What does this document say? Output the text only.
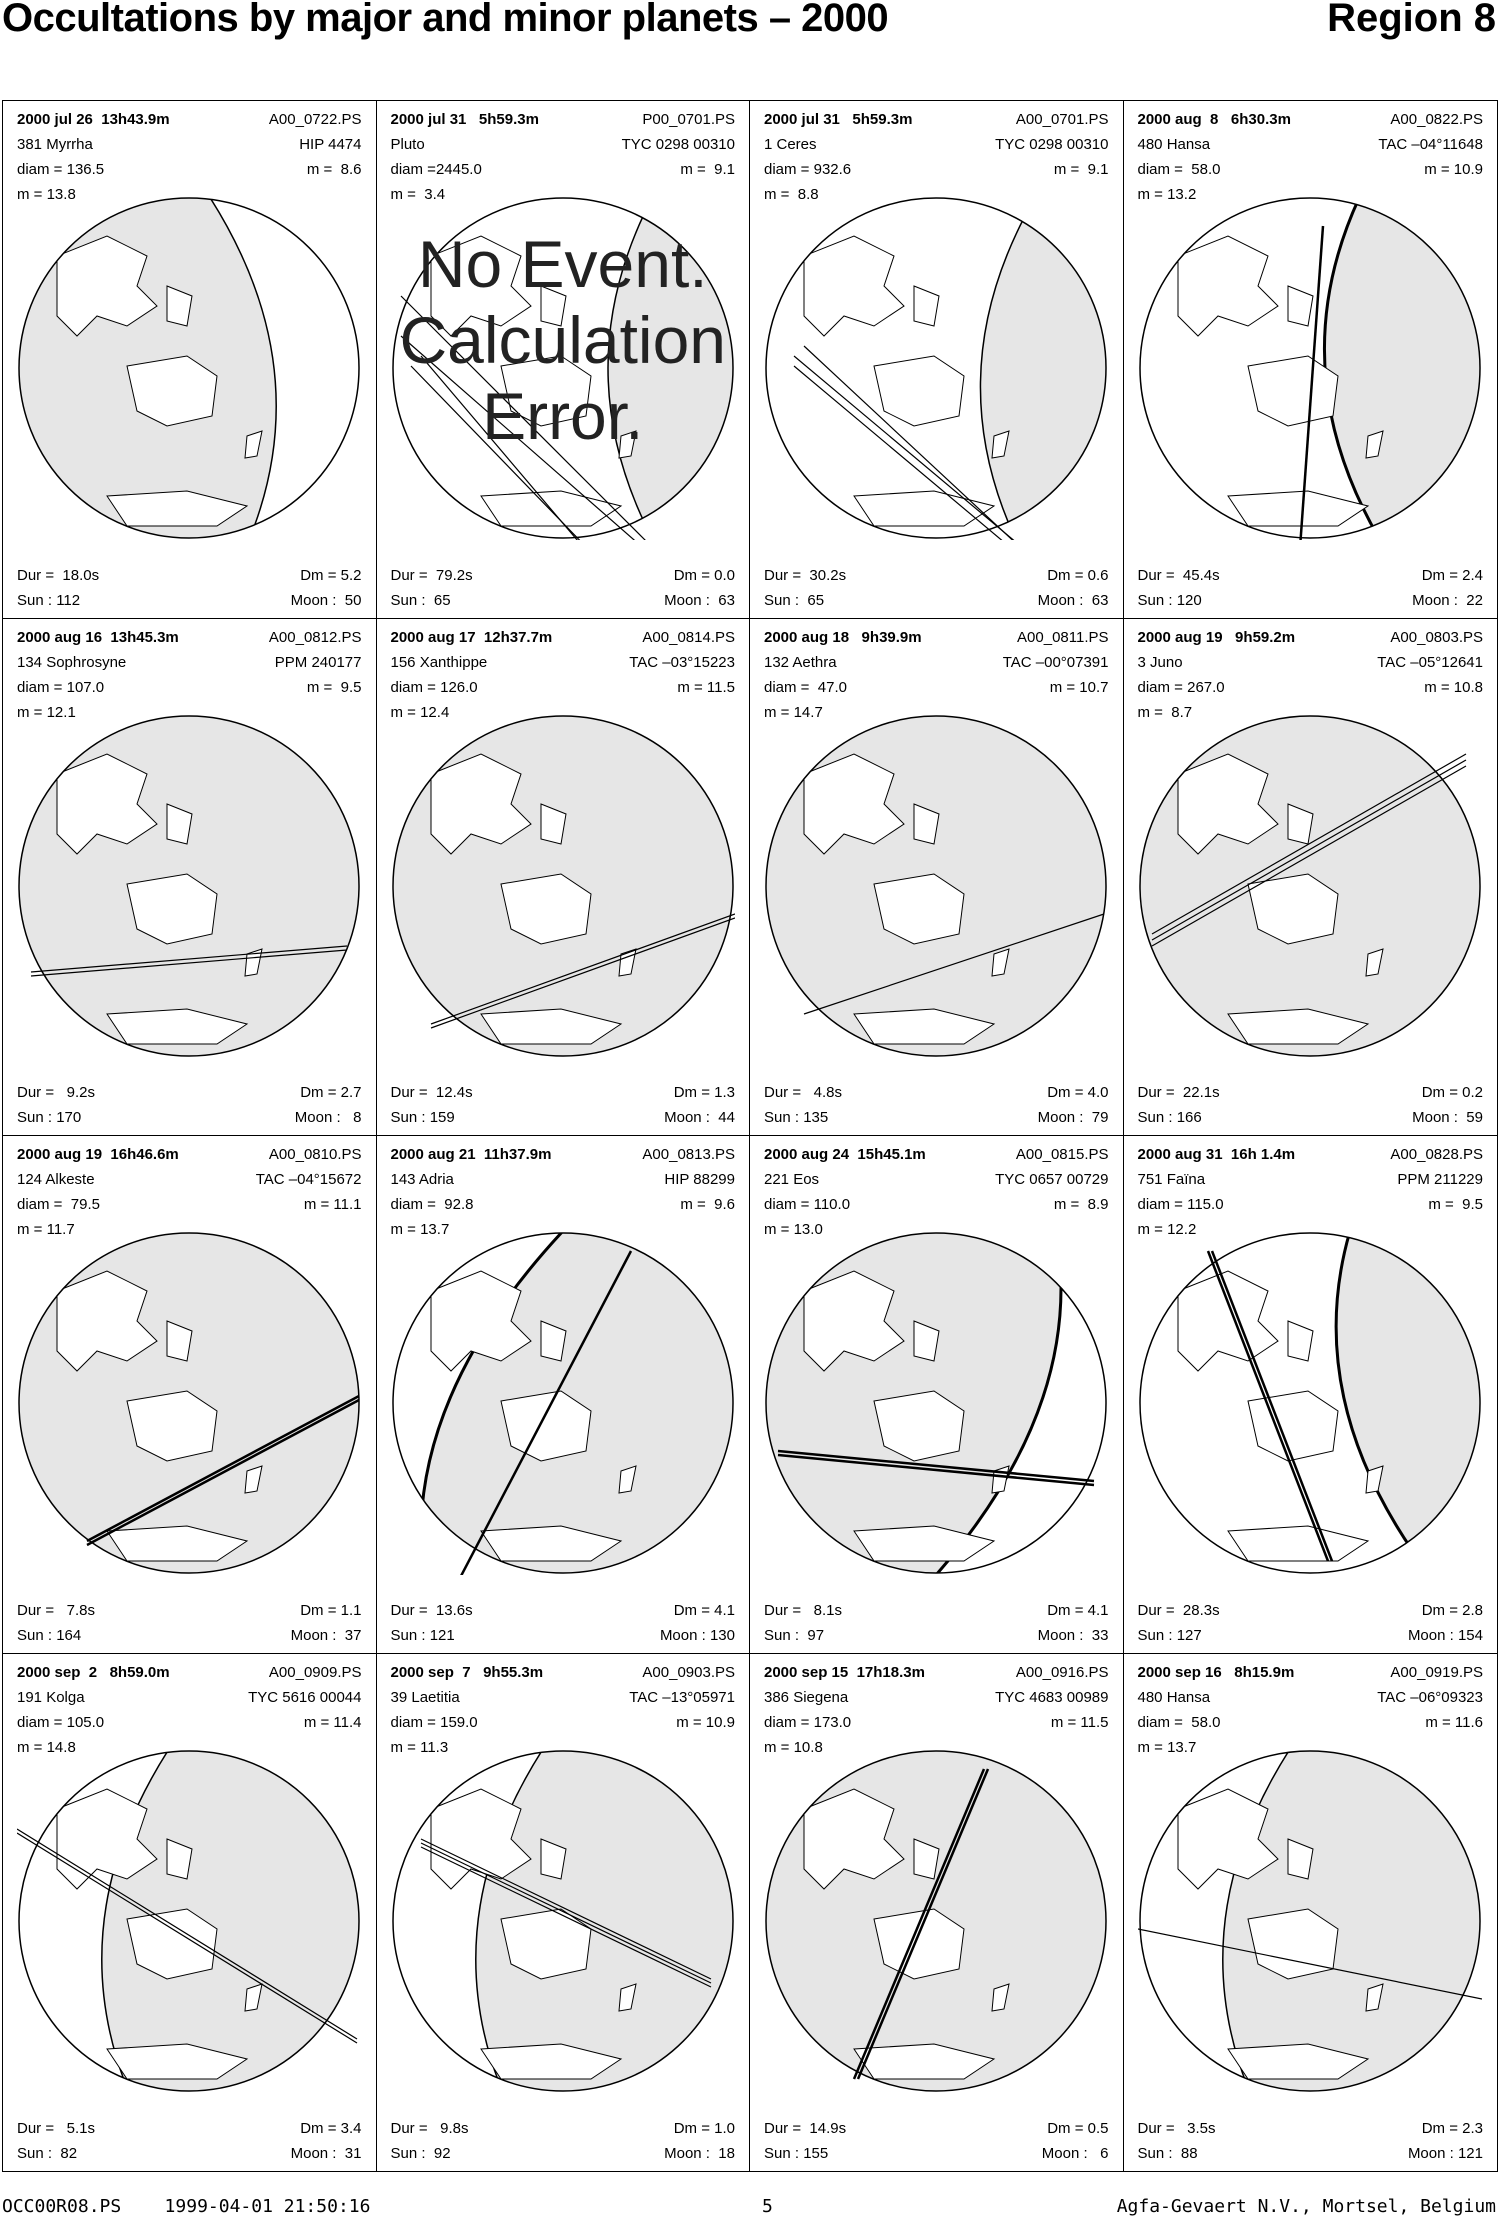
Occultations by major and minor planets – 2000	Region 8
2000 jul 26  13h43.9m	A00_0722.PS
381 Myrrha	HIP 4474
diam = 136.5	m =  8.6
m = 13.8
Dur =  18.0s	Dm = 5.2
Sun : 112	Moon :  50
2000 jul 31   5h59.3m	P00_0701.PS
Pluto	TYC 0298 00310
diam =2445.0	m =  9.1
m =  3.4
Dur =  79.2s	Dm = 0.0
Sun :  65	Moon :  63
No Event.
Calculation
Error.
2000 jul 31   5h59.3m	A00_0701.PS
1 Ceres	TYC 0298 00310
diam = 932.6	m =  9.1
m =  8.8
Dur =  30.2s	Dm = 0.6
Sun :  65	Moon :  63
2000 aug  8   6h30.3m	A00_0822.PS
480 Hansa	TAC –04°11648
diam =  58.0	m = 10.9
m = 13.2
Dur =  45.4s	Dm = 2.4
Sun : 120	Moon :  22
2000 aug 16  13h45.3m	A00_0812.PS
134 Sophrosyne	PPM 240177
diam = 107.0	m =  9.5
m = 12.1
Dur =   9.2s	Dm = 2.7
Sun : 170	Moon :   8
2000 aug 17  12h37.7m	A00_0814.PS
156 Xanthippe	TAC –03°15223
diam = 126.0	m = 11.5
m = 12.4
Dur =  12.4s	Dm = 1.3
Sun : 159	Moon :  44
2000 aug 18   9h39.9m	A00_0811.PS
132 Aethra	TAC –00°07391
diam =  47.0	m = 10.7
m = 14.7
Dur =   4.8s	Dm = 4.0
Sun : 135	Moon :  79
2000 aug 19   9h59.2m	A00_0803.PS
3 Juno	TAC –05°12641
diam = 267.0	m = 10.8
m =  8.7
Dur =  22.1s	Dm = 0.2
Sun : 166	Moon :  59
2000 aug 19  16h46.6m	A00_0810.PS
124 Alkeste	TAC –04°15672
diam =  79.5	m = 11.1
m = 11.7
Dur =   7.8s	Dm = 1.1
Sun : 164	Moon :  37
2000 aug 21  11h37.9m	A00_0813.PS
143 Adria	HIP 88299
diam =  92.8	m =  9.6
m = 13.7
Dur =  13.6s	Dm = 4.1
Sun : 121	Moon : 130
2000 aug 24  15h45.1m	A00_0815.PS
221 Eos	TYC 0657 00729
diam = 110.0	m =  8.9
m = 13.0
Dur =   8.1s	Dm = 4.1
Sun :  97	Moon :  33
2000 aug 31  16h 1.4m	A00_0828.PS
751 Faïna	PPM 211229
diam = 115.0	m =  9.5
m = 12.2
Dur =  28.3s	Dm = 2.8
Sun : 127	Moon : 154
2000 sep  2   8h59.0m	A00_0909.PS
191 Kolga	TYC 5616 00044
diam = 105.0	m = 11.4
m = 14.8
Dur =   5.1s	Dm = 3.4
Sun :  82	Moon :  31
2000 sep  7   9h55.3m	A00_0903.PS
39 Laetitia	TAC –13°05971
diam = 159.0	m = 10.9
m = 11.3
Dur =   9.8s	Dm = 1.0
Sun :  92	Moon :  18
2000 sep 15  17h18.3m	A00_0916.PS
386 Siegena	TYC 4683 00989
diam = 173.0	m = 11.5
m = 10.8
Dur =  14.9s	Dm = 0.5
Sun : 155	Moon :   6
2000 sep 16   8h15.9m	A00_0919.PS
480 Hansa	TAC –06°09323
diam =  58.0	m = 11.6
m = 13.7
Dur =   3.5s	Dm = 2.3
Sun :  88	Moon : 121
OCC00R08.PS    1999-04-01 21:50:16	5	Agfa-Gevaert N.V., Mortsel, Belgium
